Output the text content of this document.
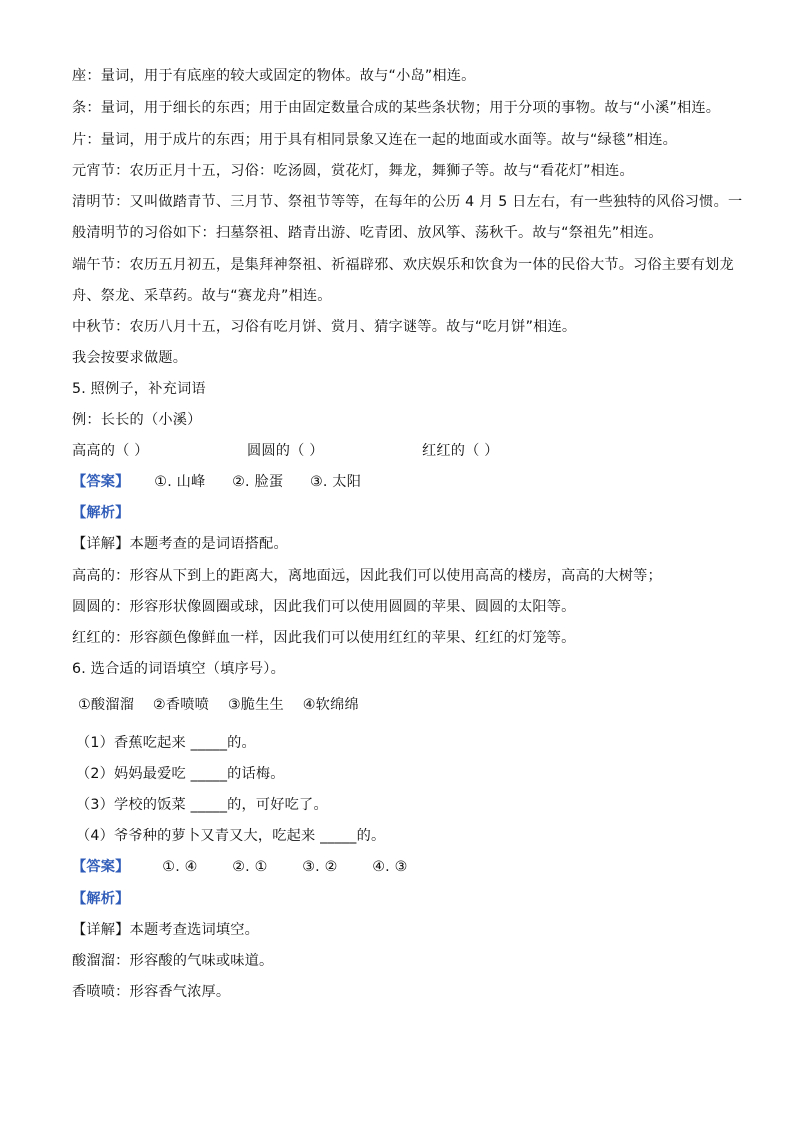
座：量词，用于有底座的较大或固定的物体。故与“小岛”相连。
条：量词，用于细长的东西；用于由固定数量合成的某些条状物；用于分项的事物。故与“小溪”相连。
片：量词，用于成片的东西；用于具有相同景象又连在一起的地面或水面等。故与“绿毯”相连。
元宵节：农历正月十五，习俗：吃汤圆，赏花灯，舞龙，舞狮子等。故与“看花灯”相连。
清明节：又叫做踏青节、三月节、祭祖节等等，在每年的公历 4 月 5 日左右，有一些独特的风俗习惯。一
般清明节的习俗如下：扫墓祭祖、踏青出游、吃青团、放风筝、荡秋千。故与“祭祖先”相连。
端午节：农历五月初五，是集拜神祭祖、祈福辟邪、欢庆娱乐和饮食为一体的民俗大节。习俗主要有划龙
舟、祭龙、采草药。故与“赛龙舟”相连。
中秋节：农历八月十五，习俗有吃月饼、赏月、猜字谜等。故与“吃月饼”相连。
我会按要求做题。
5. 照例子，补充词语
例：长长的（小溪）
高高的（ ）	圆圆的（ ）	红红的（ ）
【答案】 ①. 山峰 ②. 脸蛋 ③. 太阳
【解析】
【详解】本题考查的是词语搭配。
高高的：形容从下到上的距离大，离地面远，因此我们可以使用高高的楼房，高高的大树等；
圆圆的：形容形状像圆圈或球，因此我们可以使用圆圆的苹果、圆圆的太阳等。
红红的：形容颜色像鲜血一样，因此我们可以使用红红的苹果、红红的灯笼等。
6. 选合适的词语填空（填序号）。
①酸溜溜    ②香喷喷    ③脆生生    ④软绵绵
（1）香蕉吃起来 _____的。
（2）妈妈最爱吃 _____的话梅。
（3）学校的饭菜 _____的，可好吃了。
（4）爷爷种的萝卜又青又大，吃起来 _____的。
【答案】 ①. ④ ②. ① ③. ② ④. ③
【解析】
【详解】本题考查选词填空。
酸溜溜：形容酸的气味或味道。
香喷喷：形容香气浓厚。
